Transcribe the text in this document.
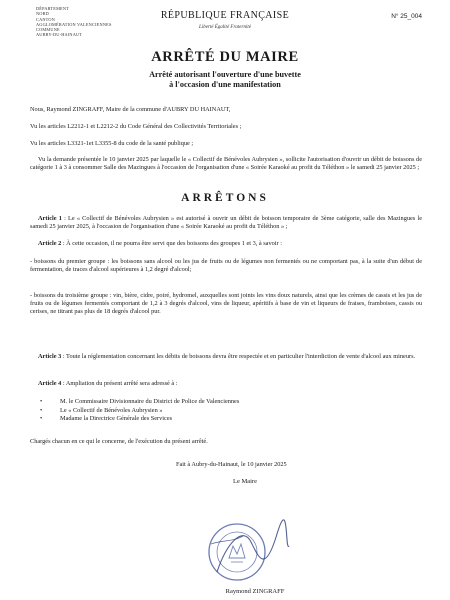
DÉPARTEMENT
NORD
CANTON
AGGLOMÉRATION VALENCIENNES
COMMUNE
AUBRY-DU-HAINAUT
RÉPUBLIQUE FRANÇAISE
Liberté Égalité Fraternité
N° 25_004
ARRÊTÉ DU MAIRE
Arrêté autorisant l'ouverture d'une buvette
à l'occasion d'une manifestation
Nous, Raymond ZINGRAFF, Maire de la commune d'AUBRY DU HAINAUT,
Vu les articles L2212-1 et L2212-2 du Code Général des Collectivités Territoriales ;
Vu les articles L3321-1et L3355-8 du code de la santé publique ;
Vu la demande présentée le 10 janvier 2025 par laquelle le « Collectif de Bénévoles Aubrysien », sollicite l'autorisation d'ouvrir un débit de boissons de catégorie 1 à 3 à consommer Salle des Mazingues à l'occasion de l'organisation d'une « Soirée Karaoké au profit du Téléthon » le samedi 25 janvier 2025 ;
ARRÊTONS
Article 1 : Le « Collectif de Bénévoles Aubrysien » est autorisé à ouvrir un débit de boisson temporaire de 3ème catégorie, salle des Mazingues le samedi 25 janvier 2025, à l'occasion de l'organisation d'une « Soirée Karaoké au profit du Téléthon » ;
Article 2 : À cette occasion, il ne pourra être servi que des boissons des groupes 1 et 3, à savoir :
- boissons du premier groupe : les boissons sans alcool ou les jus de fruits ou de légumes non fermentés ou ne comportant pas, à la suite d'un début de fermentation, de traces d'alcool supérieures à 1,2 degré d'alcool;
- boissons du troisième groupe : vin, bière, cidre, poiré, hydromel, auxquelles sont joints les vins doux naturels, ainsi que les crèmes de cassis et les jus de fruits ou de légumes fermentés comportant de 1,2 à 3 degrés d'alcool, vins de liqueur, apéritifs à base de vin et liqueurs de fraises, framboises, cassis ou cerises, ne titrant pas plus de 18 degrés d'alcool pur.
Article 3 : Toute la réglementation concernant les débits de boissons devra être respectée et en particulier l'interdiction de vente d'alcool aux mineurs.
Article 4 : Ampliation du présent arrêté sera adressé à :
•	M. le Commissaire Divisionnaire du District de Police de Valenciennes
•	Le « Collectif de Bénévoles Aubrysien »
•	Madame la Directrice Générale des Services
Chargés chacun en ce qui le concerne, de l'exécution du présent arrêté.
Fait à Aubry-du-Hainaut, le 10 janvier 2025
Le Maire
Raymond ZINGRAFF
